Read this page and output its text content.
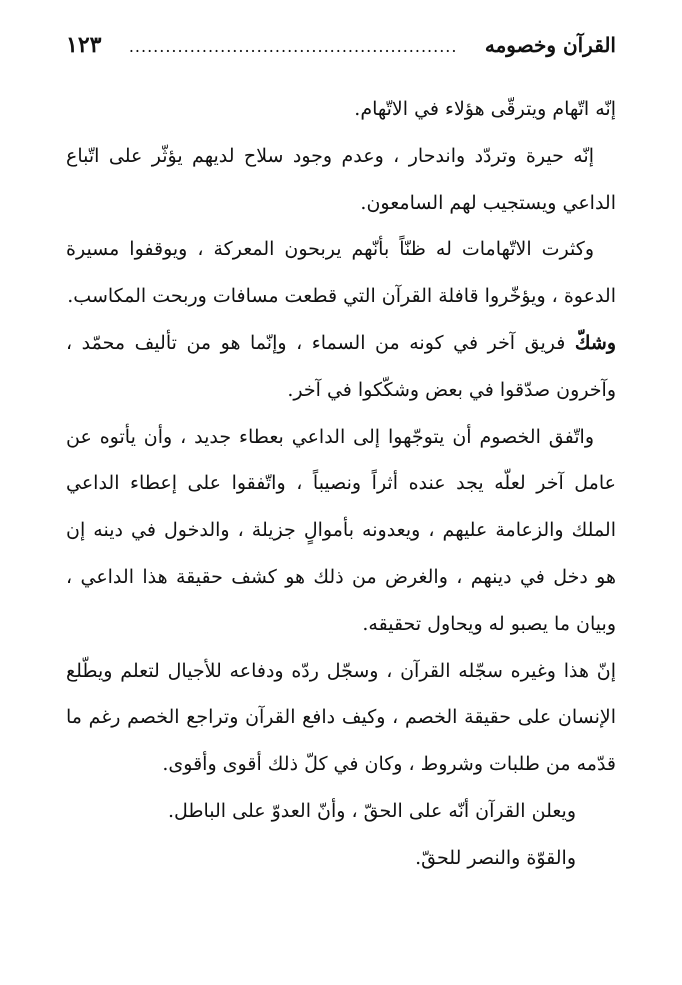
القرآن وخصومه
......................................................
١٢٣

إنّه اتّهام ويترقّى هؤلاء في الاتّهام.

إنّه حيرة وتردّد واندحار ، وعدم وجود سلاح لديهم يؤثّر على اتّباع الداعي ويستجيب لهم السامعون.

وكثرت الاتّهامات له ظنّاً بأنّهم يربحون المعركة ، ويوقفوا مسيرة الدعوة ، ويؤخّروا قافلة القرآن التي قطعت مسافات وربحت المكاسب.

وشكّ فريق آخر في كونه من السماء ، وإنّما هو من تأليف محمّد ، وآخرون صدّقوا في بعض وشكّكوا في آخر.

واتّفق الخصوم أن يتوجّهوا إلى الداعي بعطاء جديد ، وأن يأتوه عن عامل آخر لعلّه يجد عنده أثراً ونصيباً ، واتّفقوا على إعطاء الداعي الملك والزعامة عليهم ، ويعدونه بأموالٍ جزيلة ، والدخول في دينه إن هو دخل في دينهم ، والغرض من ذلك هو كشف حقيقة هذا الداعي ، وبيان ما يصبو له ويحاول تحقيقه.

إنّ هذا وغيره سجّله القرآن ، وسجّل ردّه ودفاعه للأجيال لتعلم ويطّلع الإنسان على حقيقة الخصم ، وكيف دافع القرآن وتراجع الخصم رغم ما قدّمه من طلبات وشروط ، وكان في كلّ ذلك أقوى وأقوى.

ويعلن القرآن أنّه على الحقّ ، وأنّ العدوّ على الباطل.

والقوّة والنصر للحقّ.
